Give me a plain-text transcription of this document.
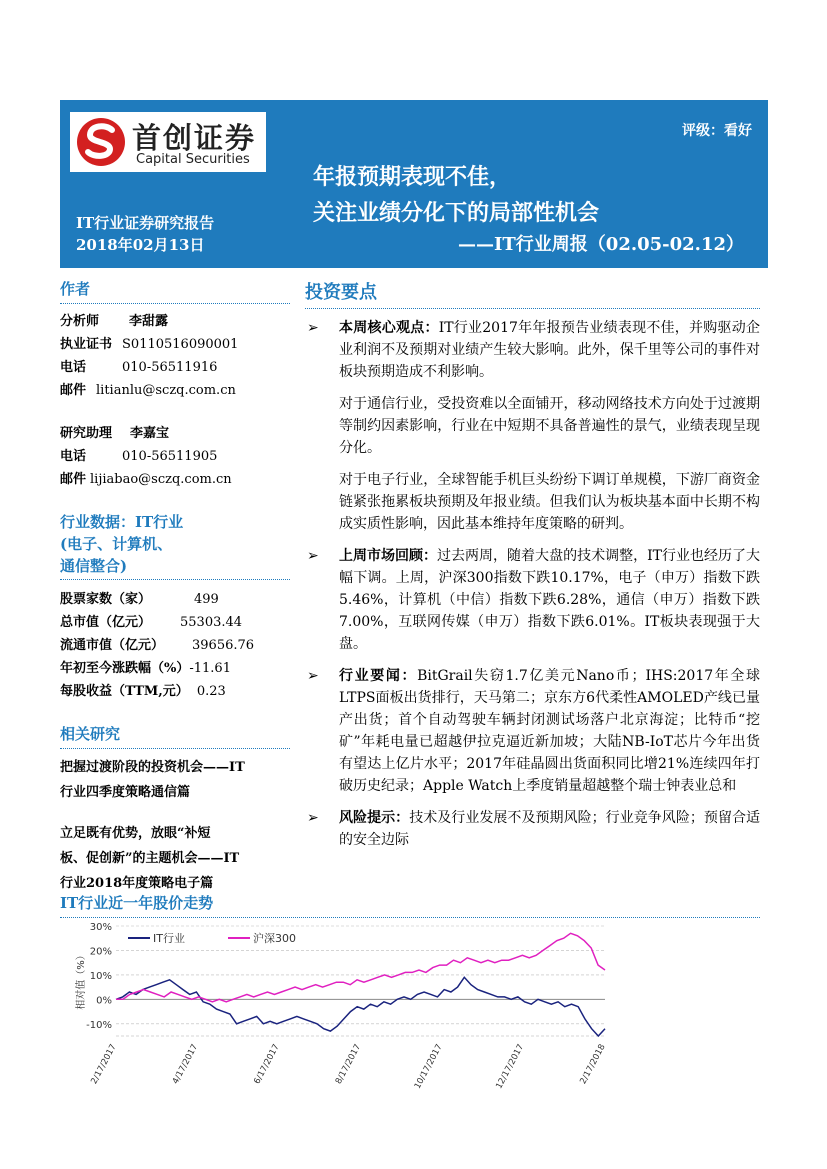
首创证券
Capital Securities
评级：看好
年报预期表现不佳，
关注业绩分化下的局部性机会
IT行业证券研究报告
2018年02月13日	——IT行业周报（02.05-02.12）
作者
分析师 李甜露
执业证书 S0110516090001
电话	010-56511916
邮件 litianlu@sczq.com.cn
研究助理 李嘉宝
电话	010-56511905
邮件 lijiabao@sczq.com.cn
行业数据：IT行业
(电子、计算机、
通信整合)
股票家数（家）	499
总市值（亿元） 55303.44
流通市值（亿元） 39656.76
年初至今涨跌幅（%）-11.61
每股收益（TTM,元） 0.23
相关研究
把握过渡阶段的投资机会——IT
行业四季度策略通信篇
立足既有优势，放眼“补短
板、促创新”的主题机会——IT
行业2018年度策略电子篇
投资要点
➢ 本周核心观点：IT行业2017年年报预告业绩表现不佳，并购驱动企业利润不及预期对业绩产生较大影响。此外，保千里等公司的事件对板块预期造成不利影响。
对于通信行业，受投资难以全面铺开，移动网络技术方向处于过渡期等制约因素影响，行业在中短期不具备普遍性的景气，业绩表现呈现分化。
对于电子行业，全球智能手机巨头纷纷下调订单规模，下游厂商资金链紧张拖累板块预期及年报业绩。但我们认为板块基本面中长期不构成实质性影响，因此基本维持年度策略的研判。
➢ 上周市场回顾：过去两周，随着大盘的技术调整，IT行业也经历了大幅下调。上周，沪深300指数下跌10.17%，电子（申万）指数下跌5.46%，计算机（中信）指数下跌6.28%，通信（申万）指数下跌7.00%，互联网传媒（申万）指数下跌6.01%。IT板块表现强于大盘。
➢ 行业要闻：BitGrail失窃1.7亿美元Nano币；IHS:2017年全球LTPS面板出货排行，天马第二；京东方6代柔性AMOLED产线已量产出货；首个自动驾驶车辆封闭测试场落户北京海淀；比特币“挖矿”年耗电量已超越伊拉克逼近新加坡；大陆NB-IoT芯片今年出货有望达上亿片水平；2017年硅晶圆出货面积同比增21%连续四年打破历史纪录；Apple Watch上季度销量超越整个瑞士钟表业总和
➢ 风险提示：技术及行业发展不及预期风险；行业竞争风险；预留合适的安全边际
IT行业近一年股价走势
-10%
0%
10%
20%
30%
2/17/2017	4/17/2017	6/17/2017	8/17/2017	10/17/2017	12/17/2017	2/17/2018
IT行业	沪深300
相对值（%）
